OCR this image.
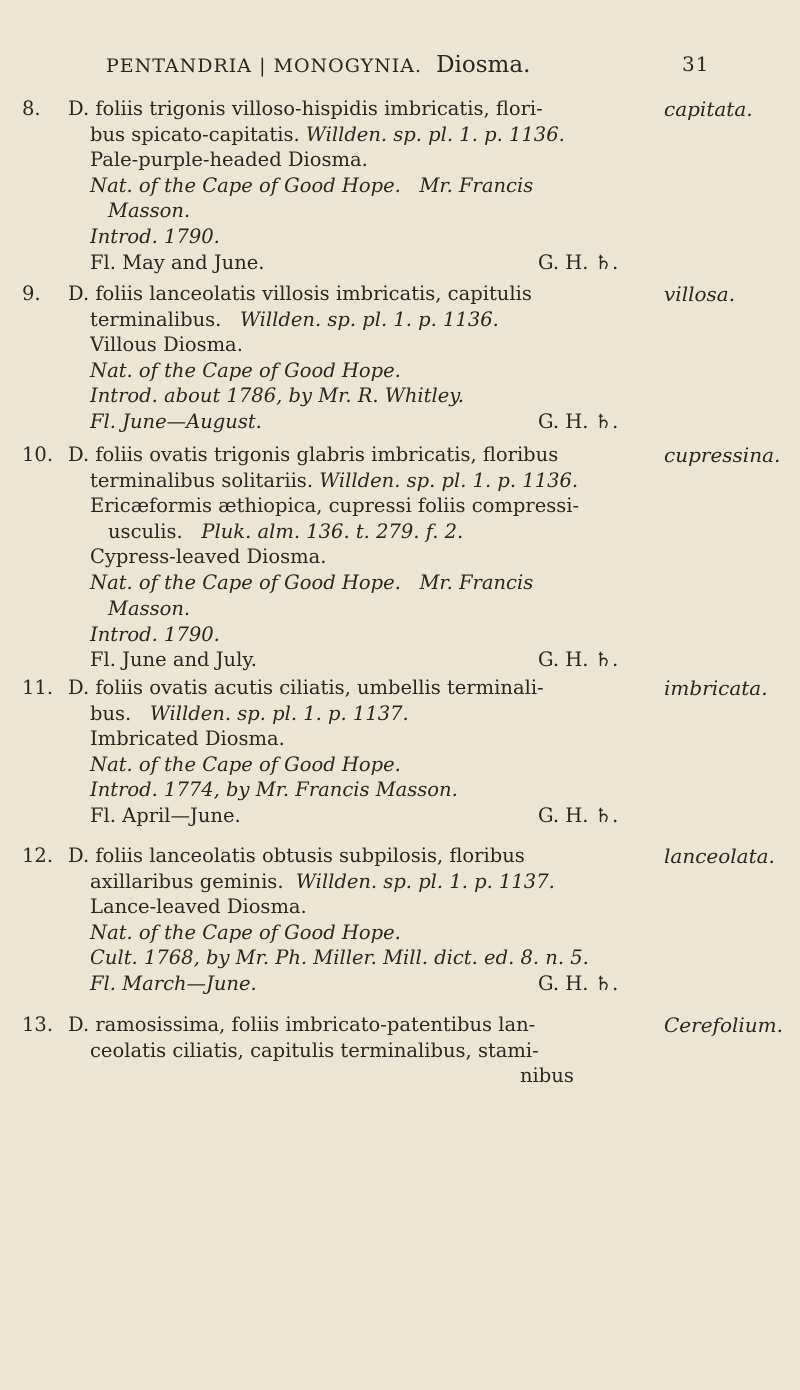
PENTANDRIA | MONOGYNIA. Diosma.	31
8. D. foliis trigonis villoso-hispidis imbricatis, flori-	capitata.
bus spicato-capitatis. Willden. sp. pl. 1. p. 1136.
Pale-purple-headed Diosma.
Nat. of the Cape of Good Hope. Mr. Francis
Masson.
Introd. 1790.
Fl. May and June.	G. H. ♄.
9. D. foliis lanceolatis villosis imbricatis, capitulis	villosa.
terminalibus. Willden. sp. pl. 1. p. 1136.
Villous Diosma.
Nat. of the Cape of Good Hope.
Introd. about 1786, by Mr. R. Whitley.
Fl. June—August.	G. H. ♄.
10. D. foliis ovatis trigonis glabris imbricatis, floribus	cupressina.
terminalibus solitariis. Willden. sp. pl. 1. p. 1136.
Ericæformis æthiopica, cupressi foliis compressi-
usculis. Pluk. alm. 136. t. 279. f. 2.
Cypress-leaved Diosma.
Nat. of the Cape of Good Hope. Mr. Francis
Masson.
Introd. 1790.
Fl. June and July.	G. H. ♄.
11. D. foliis ovatis acutis ciliatis, umbellis terminali-	imbricata.
bus. Willden. sp. pl. 1. p. 1137.
Imbricated Diosma.
Nat. of the Cape of Good Hope.
Introd. 1774, by Mr. Francis Masson.
Fl. April—June.	G. H. ♄.
12. D. foliis lanceolatis obtusis subpilosis, floribus	lanceolata.
axillaribus geminis. Willden. sp. pl. 1. p. 1137.
Lance-leaved Diosma.
Nat. of the Cape of Good Hope.
Cult. 1768, by Mr. Ph. Miller. Mill. dict. ed. 8. n. 5.
Fl. March—June.	G. H. ♄.
13. D. ramosissima, foliis imbricato-patentibus lan-	Cerefolium.
ceolatis ciliatis, capitulis terminalibus, stami-
nibus
